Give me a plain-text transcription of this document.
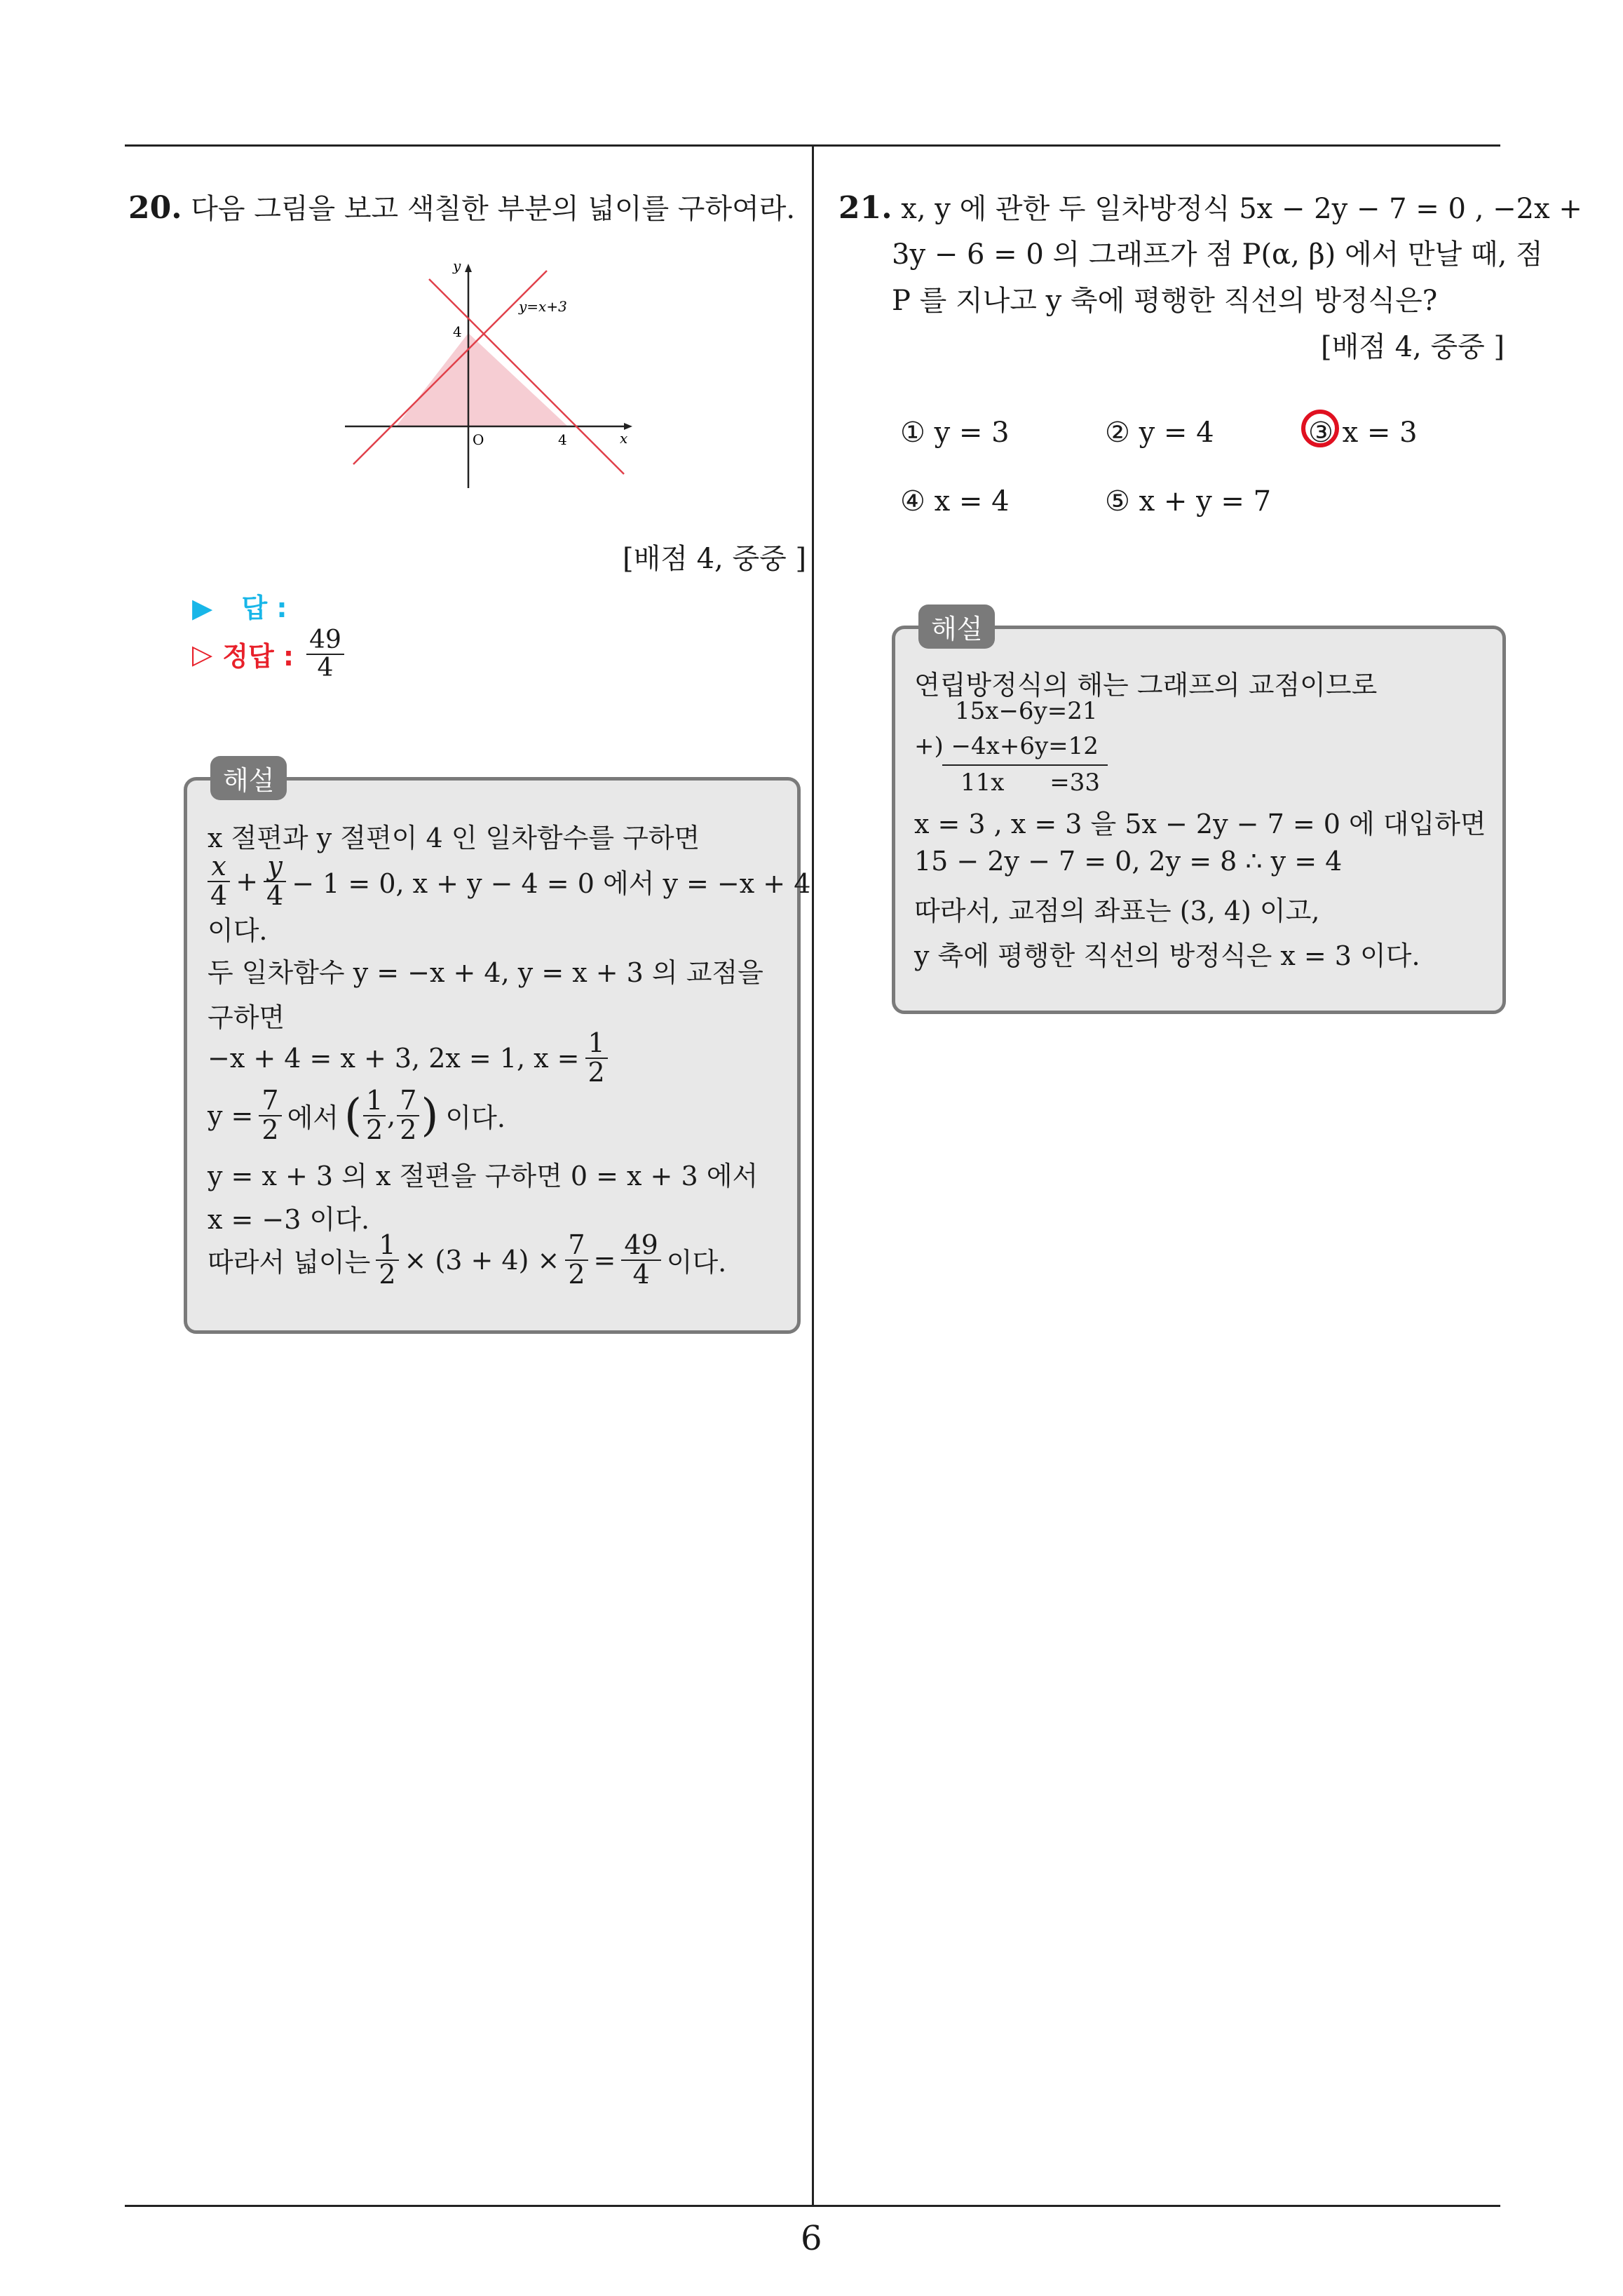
20. 다음 그림을 보고 색칠한 부분의 넓이를 구하여라.
y
x
O
4
4
y=x+3
[배점 4, 중중 ]
▶ 답 :
▷ 정답 : $\frac{49}{4}$
해설
x 절편과 y 절편이 4 인 일차함수를 구하면
$\frac{x}{4} + \frac{y}{4} - 1 = 0$, x + y − 4 = 0 에서 y = −x + 4
이다.
두 일차함수 y = −x + 4, y = x + 3 의 교점을
구하면
−x + 4 = x + 3, 2x = 1, $x = \frac{1}{2}$
$y = \frac{7}{2}$ 에서 ( $\frac{1}{2}$ , $\frac{7}{2}$ ) 이다.
y = x + 3 의 x 절편을 구하면 0 = x + 3 에서
x = −3 이다.
따라서 넓이는 $\frac{1}{2} \times (3 + 4) \times \frac{7}{2} = \frac{49}{4}$ 이다.
21. x, y 에 관한 두 일차방정식 5x − 2y − 7 = 0 , −2x +
3y − 6 = 0 의 그래프가 점 P(α, β) 에서 만날 때, 점
P 를 지나고 y 축에 평행한 직선의 방정식은?
[배점 4, 중중 ]
① y = 3	② y = 4	③ x = 3
④ x = 4	⑤ x + y = 7
해설
연립방정식의 해는 그래프의 교점이므로
15x−6y=21
+) −4x+6y=12
11x      =33
x = 3 , x = 3 을 5x − 2y − 7 = 0 에 대입하면
15 − 2y − 7 = 0, 2y = 8 ∴ y = 4
따라서, 교점의 좌표는 (3, 4) 이고,
y 축에 평행한 직선의 방정식은 x = 3 이다.
6
